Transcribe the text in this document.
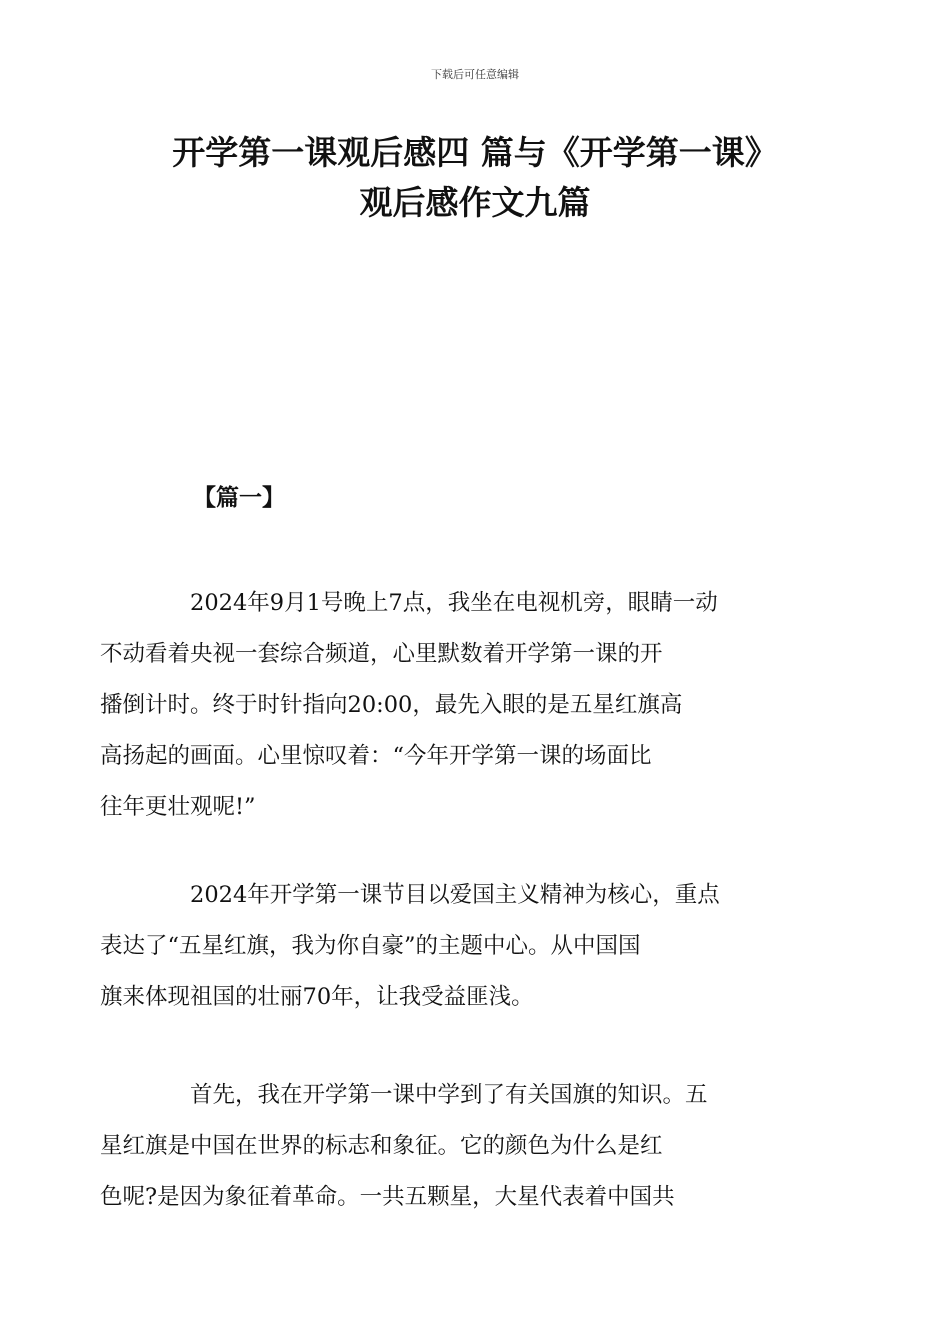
下载后可任意编辑
开学第一课观后感四 篇与《开学第一课》
观后感作文九篇
【篇一】

2024年9月1号晚上7点，我坐在电视机旁，眼睛一动
不动看着央视一套综合频道，心里默数着开学第一课的开
播倒计时。终于时针指向20:00，最先入眼的是五星红旗高
高扬起的画面。心里惊叹着：“今年开学第一课的场面比
往年更壮观呢!”

2024年开学第一课节目以爱国主义精神为核心，重点
表达了“五星红旗，我为你自豪”的主题中心。从中国国
旗来体现祖国的壮丽70年，让我受益匪浅。

首先，我在开学第一课中学到了有关国旗的知识。五
星红旗是中国在世界的标志和象征。它的颜色为什么是红
色呢?是因为象征着革命。一共五颗星，大星代表着中国共
